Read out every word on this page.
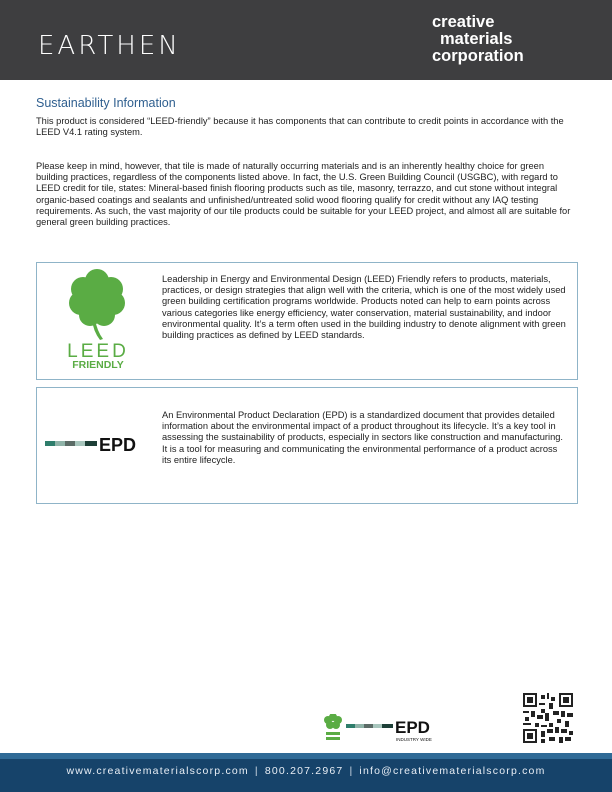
EARTHEN
creative
materials
corporation
Sustainability Information
This product is considered “LEED-friendly” because it has components that can contribute to credit points in accordance with the LEED V4.1 rating system.
Please keep in mind, however, that tile is made of naturally occurring materials and is an inherently healthy choice for green building practices, regardless of the components listed above. In fact, the U.S. Green Building Council (USGBC), with regard to LEED credit for tile, states: Mineral-based finish flooring products such as tile, masonry, terrazzo, and cut stone without integral organic-based coatings and sealants and unfinished/untreated solid wood flooring qualify for credit without any IAQ testing requirements. As such, the vast majority of our tile products could be suitable for your LEED project, and almost all are suitable for general green building practices.
LEED
FRIENDLY
Leadership in Energy and Environmental Design (LEED) Friendly refers to products, materials, practices, or design strategies that align well with the criteria, which is one of the most widely used green building certification programs worldwide. Products noted can help to earn points across various categories like energy efficiency, water conservation, material sustainability, and indoor environmental quality. It’s a term often used in the building industry to denote alignment with green building practices as defined by LEED standards.
EPD
An Environmental Product Declaration (EPD) is a standardized document that provides detailed information about the environmental impact of a product throughout its lifecycle. It’s a key tool in assessing the sustainability of products, especially in sectors like construction and manufacturing. It is a tool for measuring and communicating the environmental performance of a product across its entire lifecycle.
EPD
INDUSTRY WIDE
www.creativematerialscorp.com | 800.207.2967 | info@creativematerialscorp.com
